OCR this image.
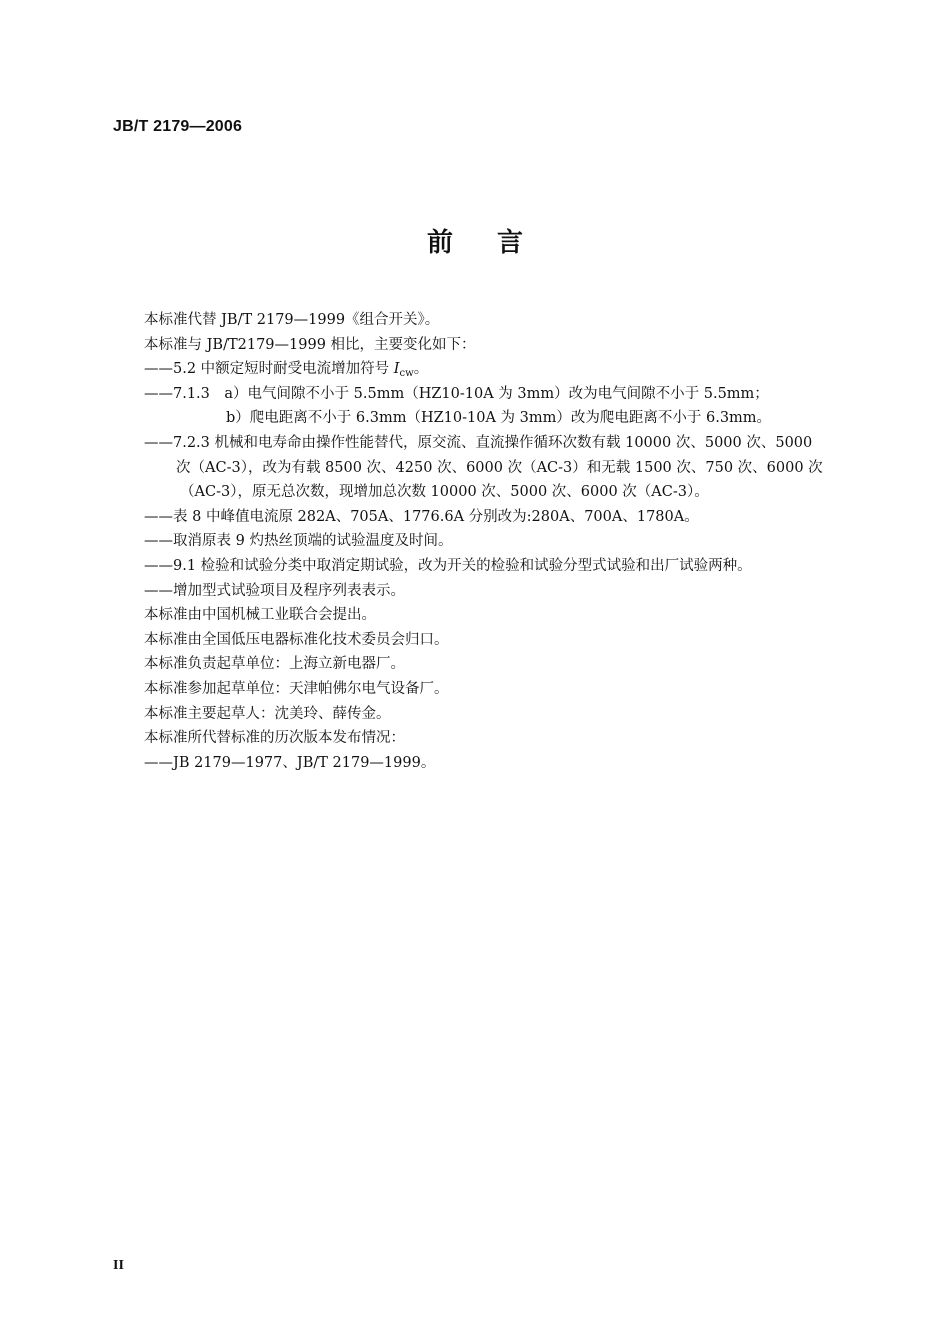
JB/T 2179—2006
前言
本标准代替 JB/T 2179—1999《组合开关》。
本标准与 JB/T2179—1999 相比，主要变化如下：
——5.2 中额定短时耐受电流增加符号 $I_{cw}$。
——7.1.3　a）电气间隙不小于 5.5mm（HZ10-10A 为 3mm）改为电气间隙不小于 5.5mm；
b）爬电距离不小于 6.3mm（HZ10-10A 为 3mm）改为爬电距离不小于 6.3mm。
——7.2.3 机械和电寿命由操作性能替代，原交流、直流操作循环次数有载 10000 次、5000 次、5000
次（AC-3），改为有载 8500 次、4250 次、6000 次（AC-3）和无载 1500 次、750 次、6000 次
（AC-3），原无总次数，现增加总次数 10000 次、5000 次、6000 次（AC-3）。
——表 8 中峰值电流原 282A、705A、1776.6A 分别改为:280A、700A、1780A。
——取消原表 9 灼热丝顶端的试验温度及时间。
——9.1 检验和试验分类中取消定期试验，改为开关的检验和试验分型式试验和出厂试验两种。
——增加型式试验项目及程序列表表示。
本标准由中国机械工业联合会提出。
本标准由全国低压电器标准化技术委员会归口。
本标准负责起草单位：上海立新电器厂。
本标准参加起草单位：天津帕佛尔电气设备厂。
本标准主要起草人：沈美玲、薛传金。
本标准所代替标准的历次版本发布情况：
——JB 2179—1977、JB/T 2179—1999。
II
